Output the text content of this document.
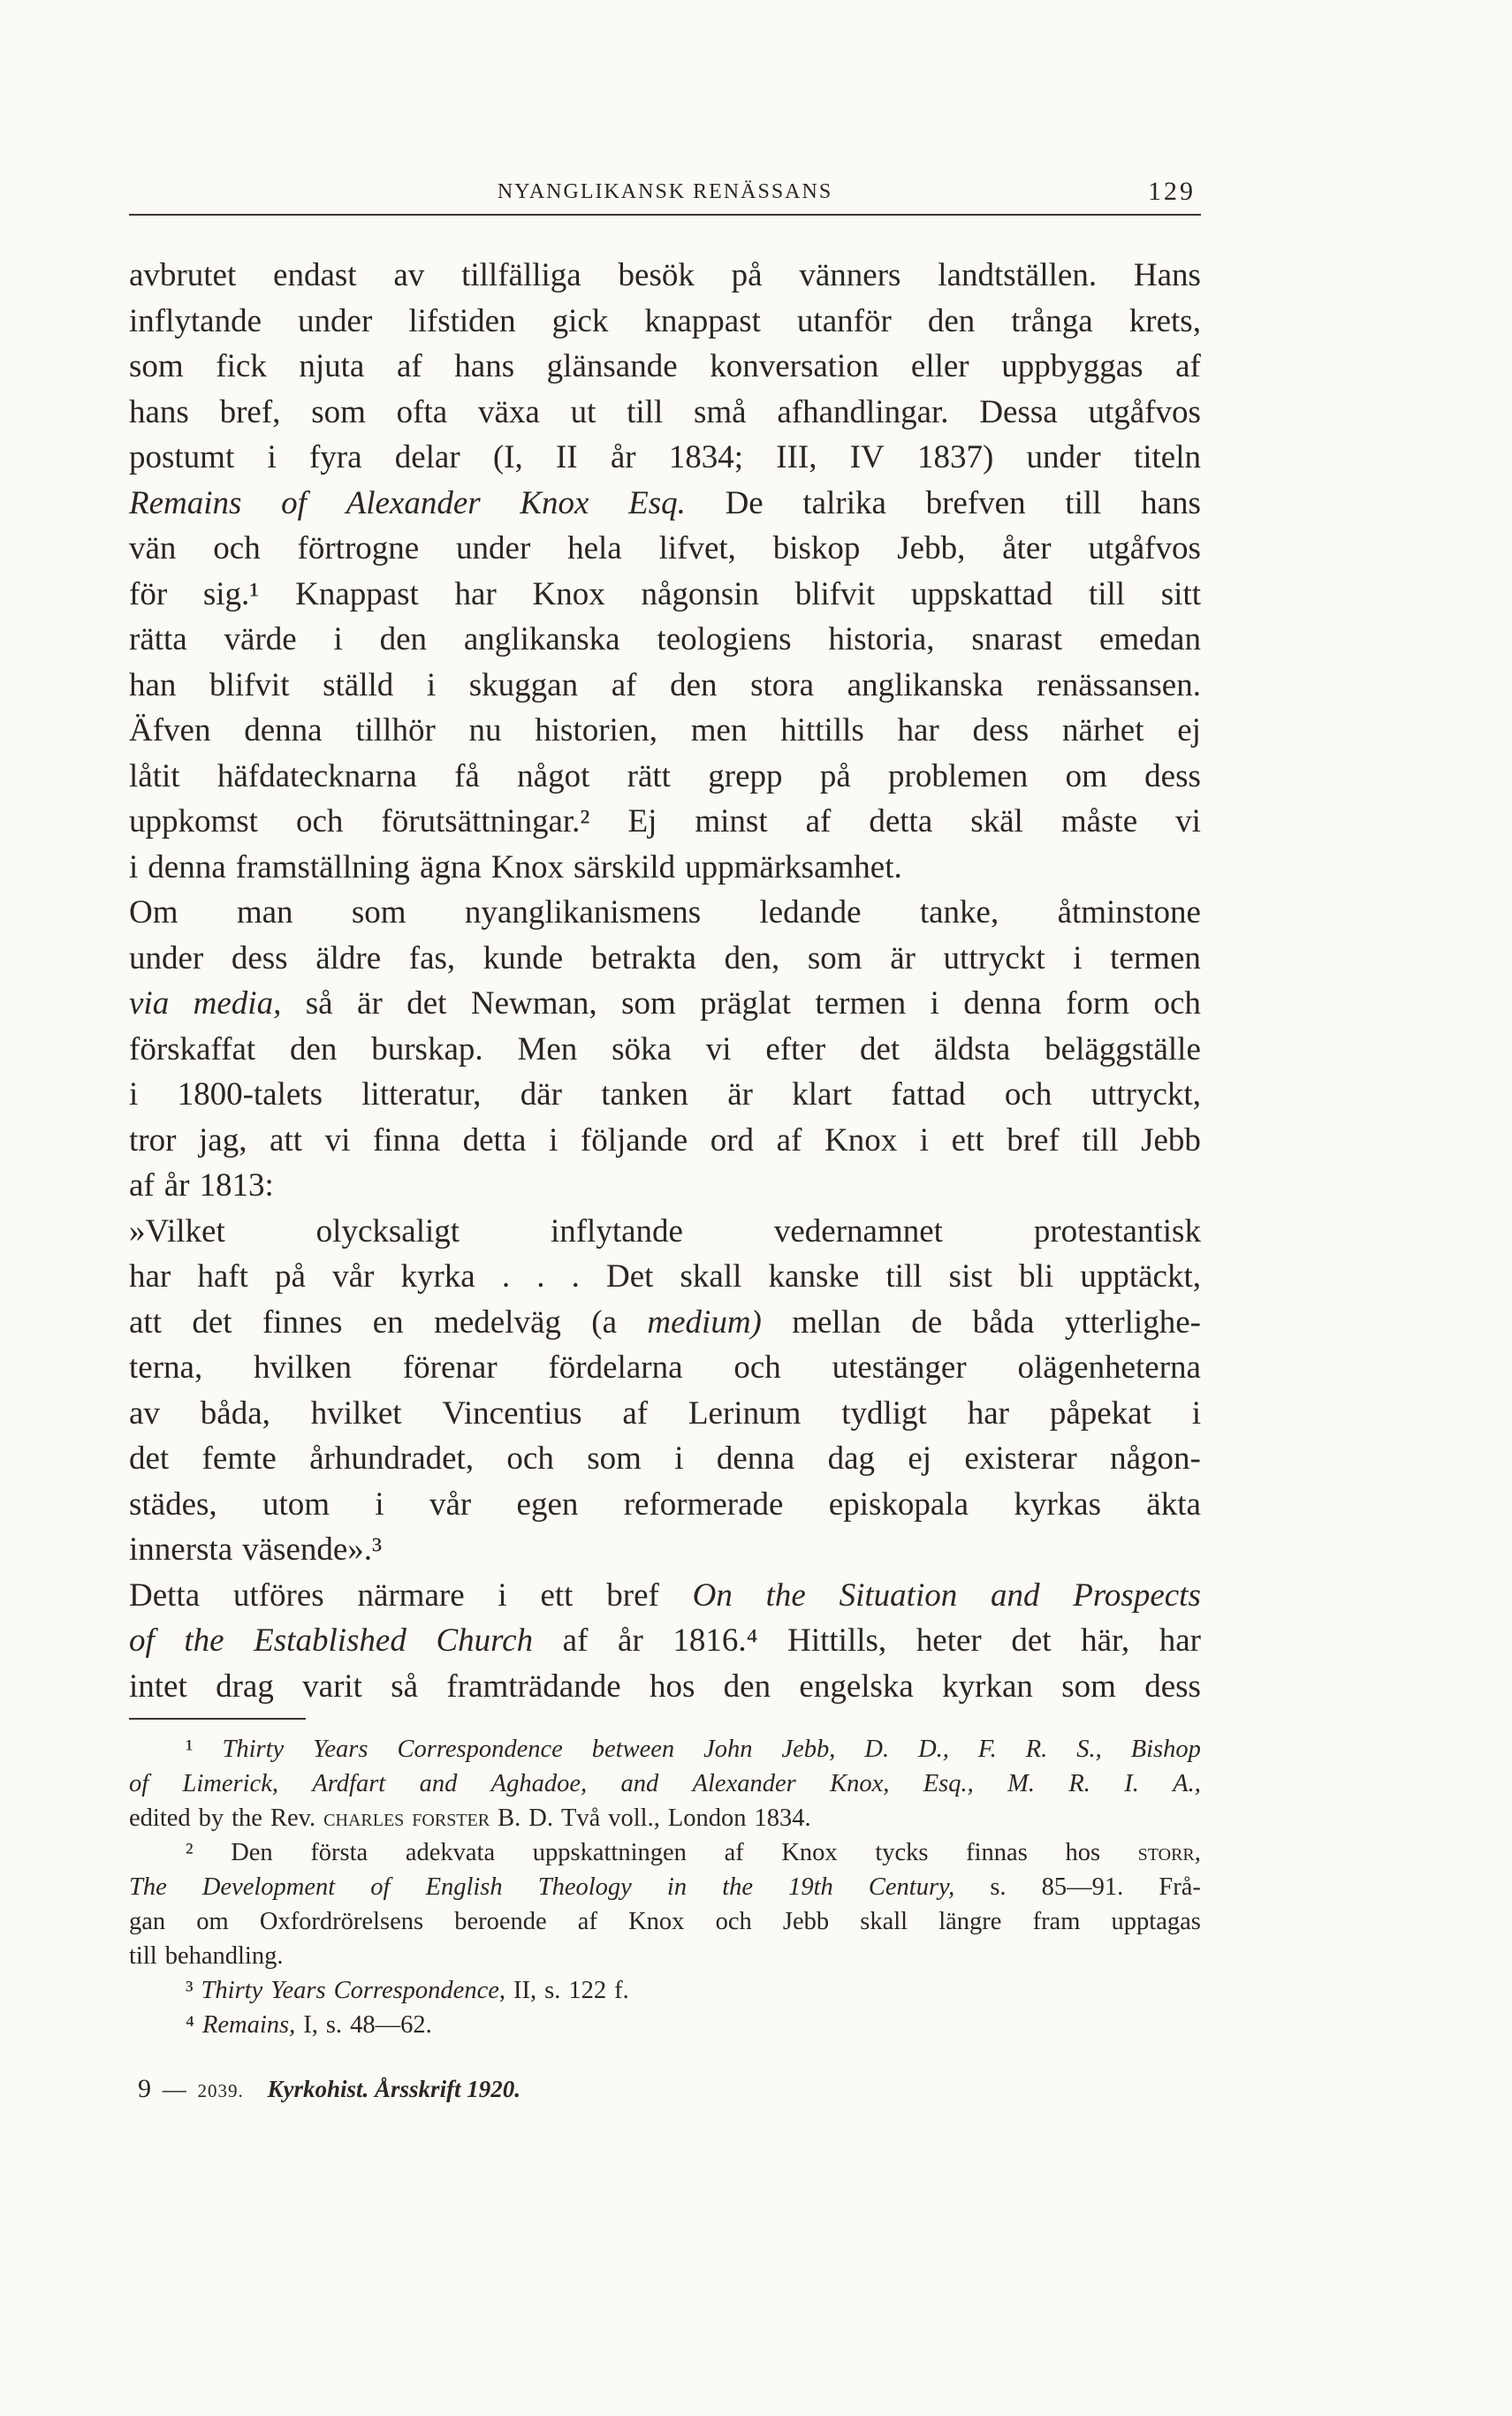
NYANGLIKANSK RENÄSSANS	129
avbrutet endast av tillfälliga besök på vänners landtställen. Hans
inflytande under lifstiden gick knappast utanför den trånga krets,
som fick njuta af hans glänsande konversation eller uppbyggas af
hans bref, som ofta växa ut till små afhandlingar. Dessa utgåfvos
postumt i fyra delar (I, II år 1834; III, IV 1837) under titeln
Remains of Alexander Knox Esq. De talrika brefven till hans
vän och förtrogne under hela lifvet, biskop Jebb, åter utgåfvos
för sig.¹ Knappast har Knox någonsin blifvit uppskattad till sitt
rätta värde i den anglikanska teologiens historia, snarast emedan
han blifvit ställd i skuggan af den stora anglikanska renässansen.
Äfven denna tillhör nu historien, men hittills har dess närhet ej
låtit häfdatecknarna få något rätt grepp på problemen om dess
uppkomst och förutsättningar.² Ej minst af detta skäl måste vi
i denna framställning ägna Knox särskild uppmärksamhet.
Om man som nyanglikanismens ledande tanke, åtminstone
under dess äldre fas, kunde betrakta den, som är uttryckt i termen
via media, så är det Newman, som präglat termen i denna form och
förskaffat den burskap. Men söka vi efter det äldsta beläggställe
i 1800-talets litteratur, där tanken är klart fattad och uttryckt,
tror jag, att vi finna detta i följande ord af Knox i ett bref till Jebb
af år 1813:
»Vilket	olycksaligt	inflytande	vedernamnet	protestantisk
har haft på vår kyrka . . . Det skall kanske till sist bli upptäckt,
att det finnes en medelväg (a medium) mellan de båda ytterlighe-
terna, hvilken förenar fördelarna och utestänger olägenheterna
av båda, hvilket Vincentius af Lerinum tydligt har påpekat i
det femte århundradet, och som i denna dag ej existerar någon-
städes, utom i vår egen reformerade episkopala kyrkas äkta
innersta väsende».³
Detta utföres närmare i ett bref On the Situation and Prospects
of the Established Church af år 1816.⁴ Hittills, heter det här, har
intet drag varit så framträdande hos den engelska kyrkan som dess
¹ Thirty Years Correspondence between John Jebb, D. D., F. R. S., Bishop
of Limerick, Ardfart and Aghadoe, and Alexander Knox, Esq., M. R. I. A.,
edited by the Rev. charles forster B. D. Två voll., London 1834.
² Den första adekvata uppskattningen af Knox tycks finnas hos storr,
The Development of English Theology in the 19th Century, s. 85—91. Frå-
gan om Oxfordrörelsens beroende af Knox och Jebb skall längre fram upptagas
till behandling.
³ Thirty Years Correspondence, II, s. 122 f.
⁴ Remains, I, s. 48—62.
9 — 2039. Kyrkohist. Årsskrift 1920.
